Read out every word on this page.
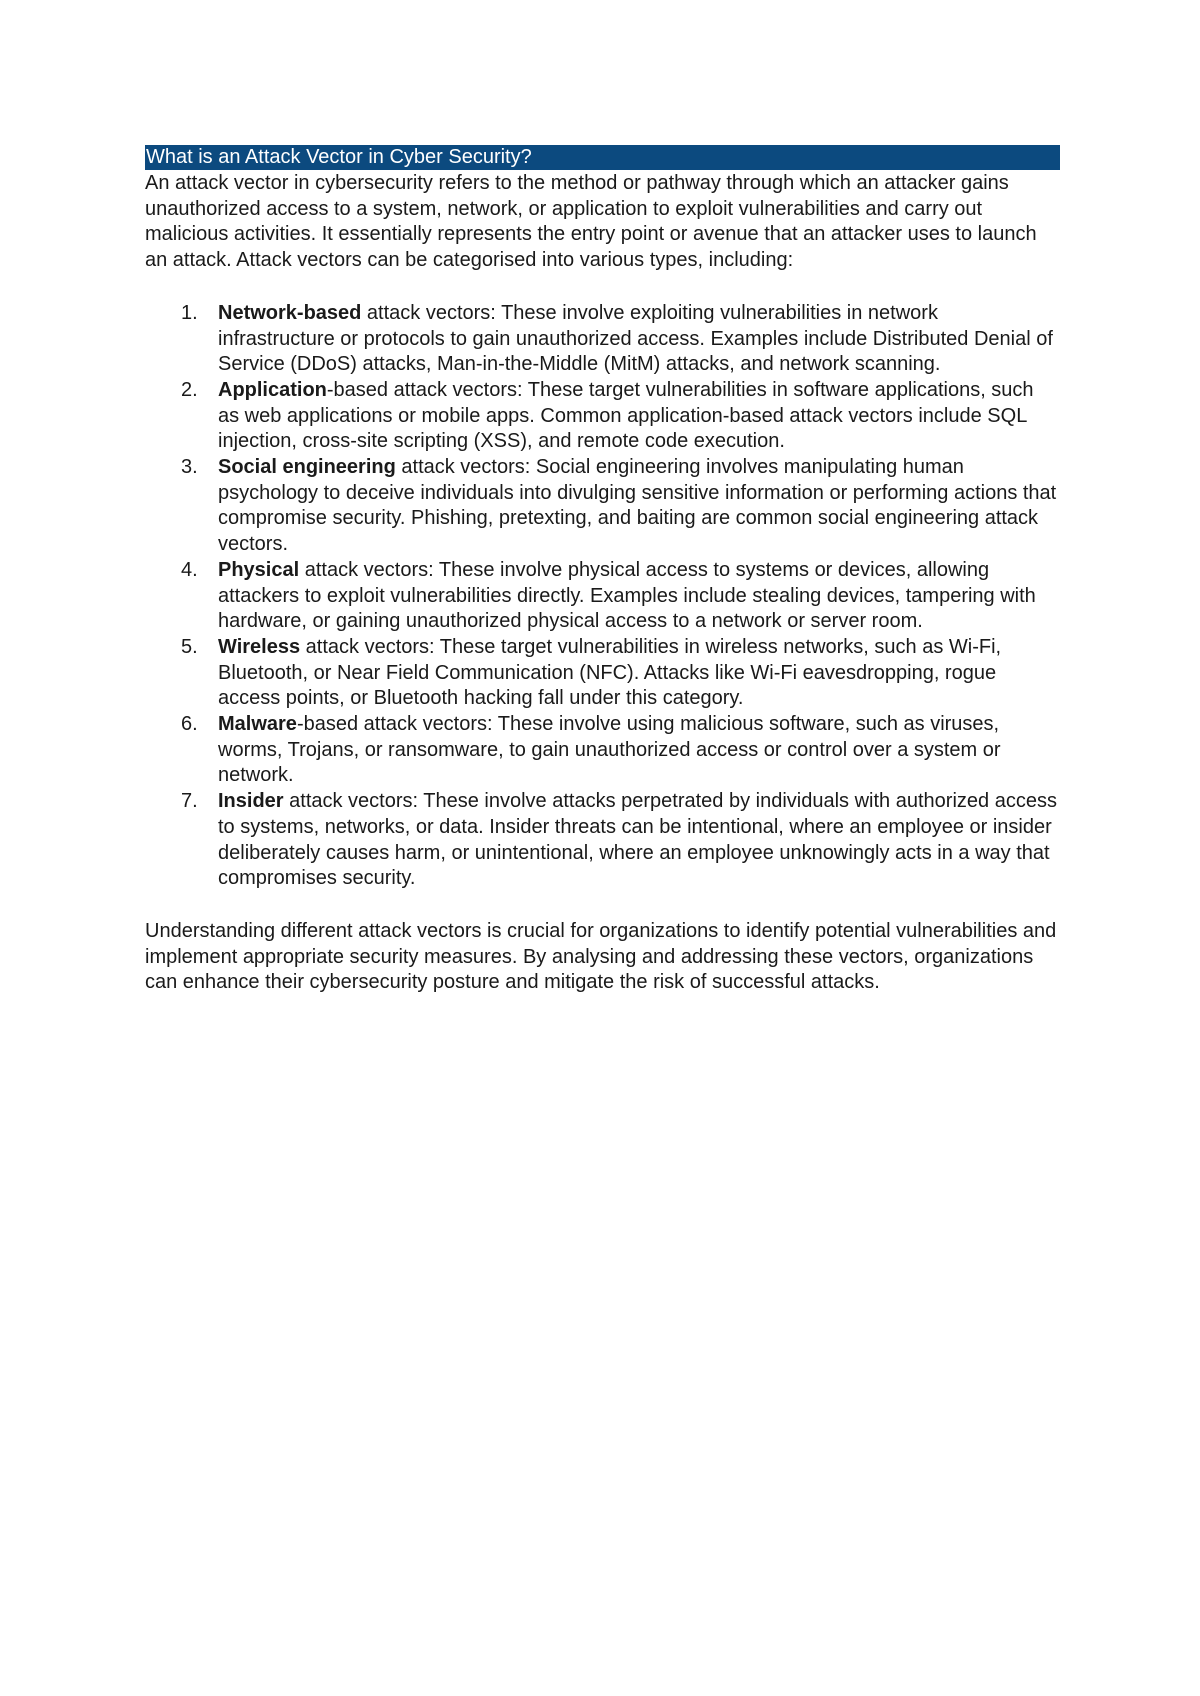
What is an Attack Vector in Cyber Security?

An attack vector in cybersecurity refers to the method or pathway through which an attacker gains unauthorized access to a system, network, or application to exploit vulnerabilities and carry out malicious activities. It essentially represents the entry point or avenue that an attacker uses to launch an attack. Attack vectors can be categorised into various types, including:

1. Network-based attack vectors: These involve exploiting vulnerabilities in network infrastructure or protocols to gain unauthorized access. Examples include Distributed Denial of Service (DDoS) attacks, Man-in-the-Middle (MitM) attacks, and network scanning.
2. Application-based attack vectors: These target vulnerabilities in software applications, such as web applications or mobile apps. Common application-based attack vectors include SQL injection, cross-site scripting (XSS), and remote code execution.
3. Social engineering attack vectors: Social engineering involves manipulating human psychology to deceive individuals into divulging sensitive information or performing actions that compromise security. Phishing, pretexting, and baiting are common social engineering attack vectors.
4. Physical attack vectors: These involve physical access to systems or devices, allowing attackers to exploit vulnerabilities directly. Examples include stealing devices, tampering with hardware, or gaining unauthorized physical access to a network or server room.
5. Wireless attack vectors: These target vulnerabilities in wireless networks, such as Wi-Fi, Bluetooth, or Near Field Communication (NFC). Attacks like Wi-Fi eavesdropping, rogue access points, or Bluetooth hacking fall under this category.
6. Malware-based attack vectors: These involve using malicious software, such as viruses, worms, Trojans, or ransomware, to gain unauthorized access or control over a system or network.
7. Insider attack vectors: These involve attacks perpetrated by individuals with authorized access to systems, networks, or data. Insider threats can be intentional, where an employee or insider deliberately causes harm, or unintentional, where an employee unknowingly acts in a way that compromises security.

Understanding different attack vectors is crucial for organizations to identify potential vulnerabilities and implement appropriate security measures. By analysing and addressing these vectors, organizations can enhance their cybersecurity posture and mitigate the risk of successful attacks.
